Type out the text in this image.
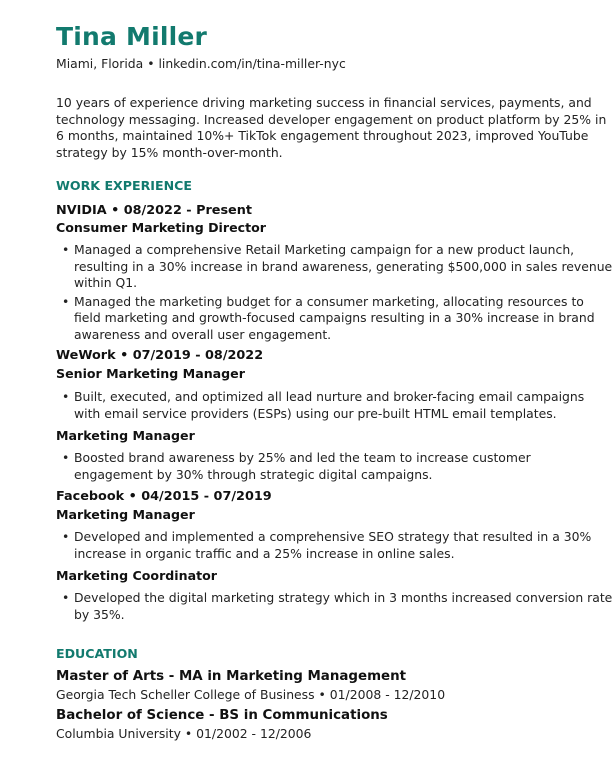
Tina Miller
Miami, Florida • linkedin.com/in/tina-miller-nyc
10 years of experience driving marketing success in financial services, payments, and technology messaging. Increased developer engagement on product platform by 25% in 6 months, maintained 10%+ TikTok engagement throughout 2023, improved YouTube strategy by 15% month-over-month.
WORK EXPERIENCE
NVIDIA • 08/2022 - Present
Consumer Marketing Director
• Managed a comprehensive Retail Marketing campaign for a new product launch, resulting in a 30% increase in brand awareness, generating $500,000 in sales revenue within Q1.
• Managed the marketing budget for a consumer marketing, allocating resources to field marketing and growth-focused campaigns resulting in a 30% increase in brand awareness and overall user engagement.
WeWork • 07/2019 - 08/2022
Senior Marketing Manager
• Built, executed, and optimized all lead nurture and broker-facing email campaigns with email service providers (ESPs) using our pre-built HTML email templates.
Marketing Manager
• Boosted brand awareness by 25% and led the team to increase customer engagement by 30% through strategic digital campaigns.
Facebook • 04/2015 - 07/2019
Marketing Manager
• Developed and implemented a comprehensive SEO strategy that resulted in a 30% increase in organic traffic and a 25% increase in online sales.
Marketing Coordinator
• Developed the digital marketing strategy which in 3 months increased conversion rate by 35%.
EDUCATION
Master of Arts - MA in Marketing Management
Georgia Tech Scheller College of Business • 01/2008 - 12/2010
Bachelor of Science - BS in Communications
Columbia University • 01/2002 - 12/2006
